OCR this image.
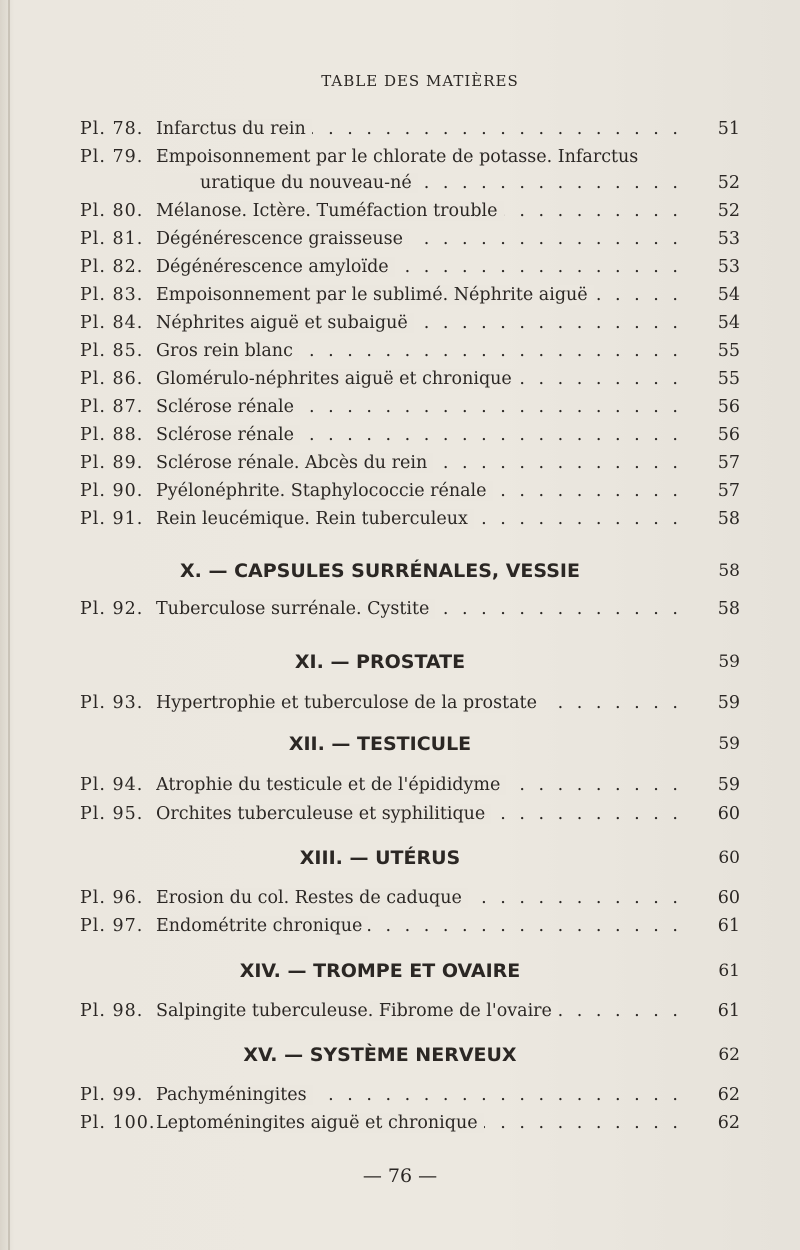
TABLE DES MATIÈRES
Pl. 78. Infarctus du rein . . .	51
Pl. 79. Empoisonnement par le chlorate de potasse. Infarctus
uratique du nouveau-né . . .	52
Pl. 80. Mélanose. Ictère. Tuméfaction trouble . . .	52
Pl. 81. Dégénérescence graisseuse . . .	53
Pl. 82. Dégénérescence amyloïde . . .	53
Pl. 83. Empoisonnement par le sublimé. Néphrite aiguë . . .	54
Pl. 84. Néphrites aiguë et subaiguë . . .	54
Pl. 85. Gros rein blanc . . .	55
Pl. 86. Glomérulo-néphrites aiguë et chronique . . .	55
Pl. 87. Sclérose rénale . . .	56
Pl. 88. Sclérose rénale . . .	56
Pl. 89. Sclérose rénale. Abcès du rein . . .	57
Pl. 90. Pyélonéphrite. Staphylococcie rénale . . .	57
Pl. 91. Rein leucémique. Rein tuberculeux . . .	58
X. — CAPSULES SURRÉNALES, VESSIE	58
Pl. 92. Tuberculose surrénale. Cystite . . .	58
XI. — PROSTATE	59
Pl. 93. Hypertrophie et tuberculose de la prostate . . .	59
XII. — TESTICULE	59
Pl. 94. Atrophie du testicule et de l'épididyme . . .	59
Pl. 95. Orchites tuberculeuse et syphilitique . . .	60
XIII. — UTÉRUS	60
Pl. 96. Erosion du col. Restes de caduque . . .	60
Pl. 97. Endométrite chronique . . .	61
XIV. — TROMPE ET OVAIRE	61
Pl. 98. Salpingite tuberculeuse. Fibrome de l'ovaire . . .	61
XV. — SYSTÈME NERVEUX	62
Pl. 99. Pachyméningites . . .	62
Pl. 100. Leptoméningites aiguë et chronique . . .	62
— 76 —
